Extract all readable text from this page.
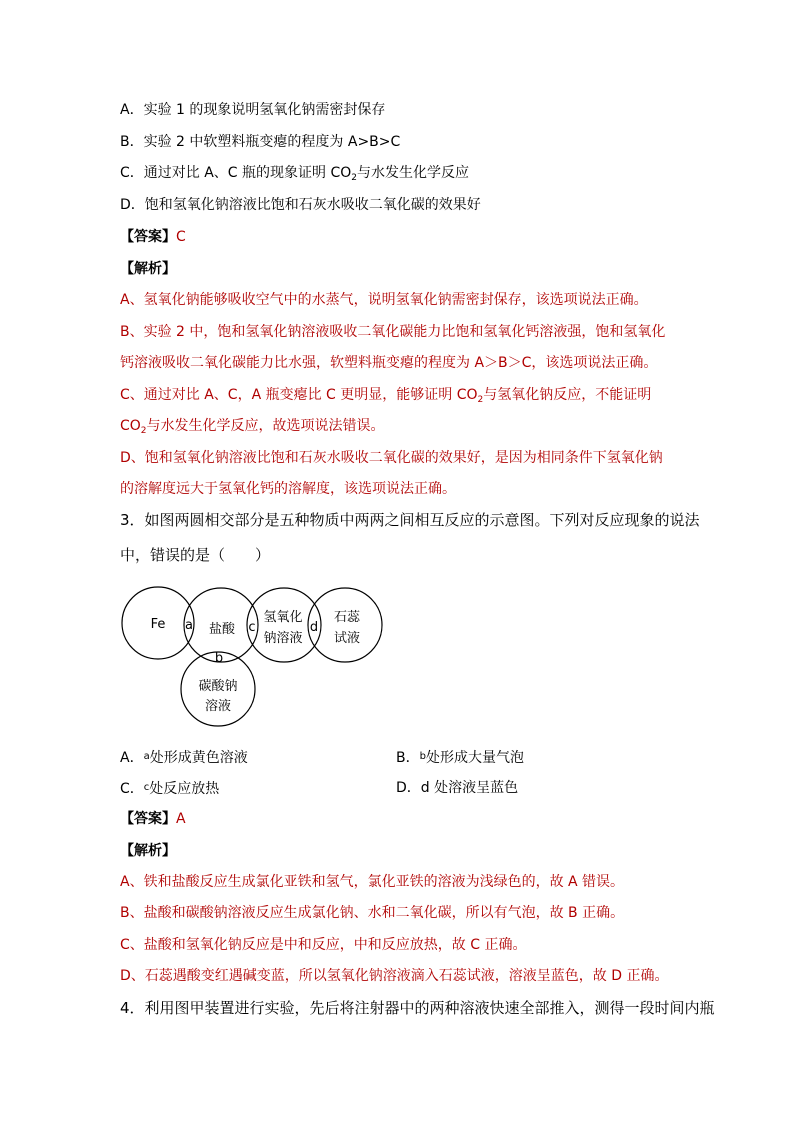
A．实验 1 的现象说明氢氧化钠需密封保存
B．实验 2 中软塑料瓶变瘪的程度为 A>B>C
C．通过对比 A、C 瓶的现象证明 $CO_2$与水发生化学反应
D．饱和氢氧化钠溶液比饱和石灰水吸收二氧化碳的效果好
【答案】C
【解析】
A、氢氧化钠能够吸收空气中的水蒸气，说明氢氧化钠需密封保存，该选项说法正确。
B、实验 2 中，饱和氢氧化钠溶液吸收二氧化碳能力比饱和氢氧化钙溶液强，饱和氢氧化
钙溶液吸收二氧化碳能力比水强，软塑料瓶变瘪的程度为 A＞B＞C，该选项说法正确。
C、通过对比 A、C，A 瓶变瘪比 C 更明显，能够证明 $CO_2$与氢氧化钠反应，不能证明
$CO_2$与水发生化学反应，故选项说法错误。
D、饱和氢氧化钠溶液比饱和石灰水吸收二氧化碳的效果好，是因为相同条件下氢氧化钠
的溶解度远大于氢氧化钙的溶解度，该选项说法正确。
3．如图两圆相交部分是五种物质中两两之间相互反应的示意图。下列对反应现象的说法
中，错误的是（　　）
Fe	盐酸
氢氧化
钠溶液
石蕊
试液
碳酸钠
溶液
a
b
c	d
A．$^a$处形成黄色溶液	B．$^b$处形成大量气泡
C．$^c$处反应放热	D．d 处溶液呈蓝色
【答案】A
【解析】
A、铁和盐酸反应生成氯化亚铁和氢气，氯化亚铁的溶液为浅绿色的，故 A 错误。
B、盐酸和碳酸钠溶液反应生成氯化钠、水和二氧化碳，所以有气泡，故 B 正确。
C、盐酸和氢氧化钠反应是中和反应，中和反应放热，故 C 正确。
D、石蕊遇酸变红遇碱变蓝，所以氢氧化钠溶液滴入石蕊试液，溶液呈蓝色，故 D 正确。
4．利用图甲装置进行实验，先后将注射器中的两种溶液快速全部推入，测得一段时间内瓶
